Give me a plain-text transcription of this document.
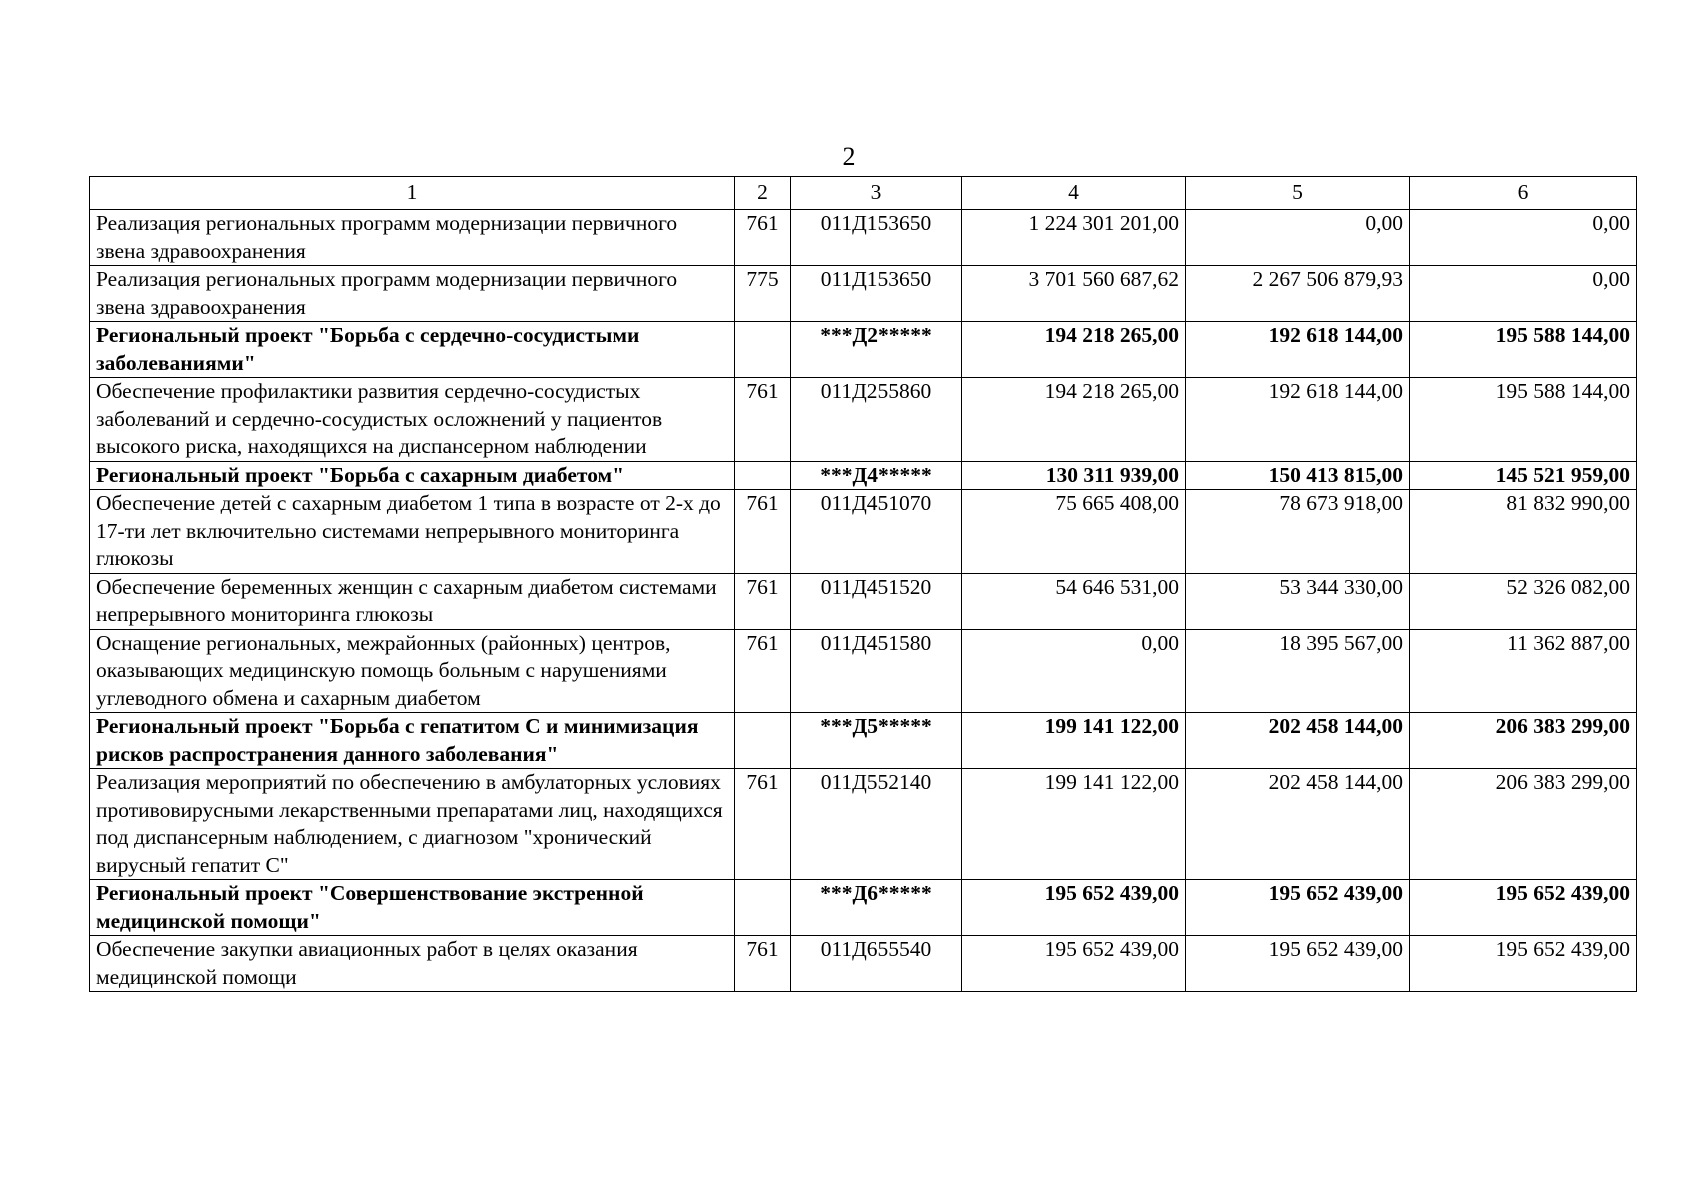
2
1	2	3	4	5	6
Реализация региональных программ модернизации первичного звена здравоохранения	761	011Д153650	1 224 301 201,00	0,00	0,00
Реализация региональных программ модернизации первичного звена здравоохранения	775	011Д153650	3 701 560 687,62	2 267 506 879,93	0,00
Региональный проект "Борьба с сердечно-сосудистыми заболеваниями"		***Д2*****	194 218 265,00	192 618 144,00	195 588 144,00
Обеспечение профилактики развития сердечно-сосудистых заболеваний и сердечно-сосудистых осложнений у пациентов высокого риска, находящихся на диспансерном наблюдении	761	011Д255860	194 218 265,00	192 618 144,00	195 588 144,00
Региональный проект "Борьба с сахарным диабетом"		***Д4*****	130 311 939,00	150 413 815,00	145 521 959,00
Обеспечение детей с сахарным диабетом 1 типа в возрасте от 2-х до 17-ти лет включительно системами непрерывного мониторинга глюкозы	761	011Д451070	75 665 408,00	78 673 918,00	81 832 990,00
Обеспечение беременных женщин с сахарным диабетом системами непрерывного мониторинга глюкозы	761	011Д451520	54 646 531,00	53 344 330,00	52 326 082,00
Оснащение региональных, межрайонных (районных) центров, оказывающих медицинскую помощь больным с нарушениями углеводного обмена и сахарным диабетом	761	011Д451580	0,00	18 395 567,00	11 362 887,00
Региональный проект "Борьба с гепатитом С и минимизация рисков распространения данного заболевания"		***Д5*****	199 141 122,00	202 458 144,00	206 383 299,00
Реализация мероприятий по обеспечению в амбулаторных условиях противовирусными лекарственными препаратами лиц, находящихся под диспансерным наблюдением, с диагнозом "хронический вирусный гепатит С"	761	011Д552140	199 141 122,00	202 458 144,00	206 383 299,00
Региональный проект "Совершенствование экстренной медицинской помощи"		***Д6*****	195 652 439,00	195 652 439,00	195 652 439,00
Обеспечение закупки авиационных работ в целях оказания медицинской помощи	761	011Д655540	195 652 439,00	195 652 439,00	195 652 439,00
